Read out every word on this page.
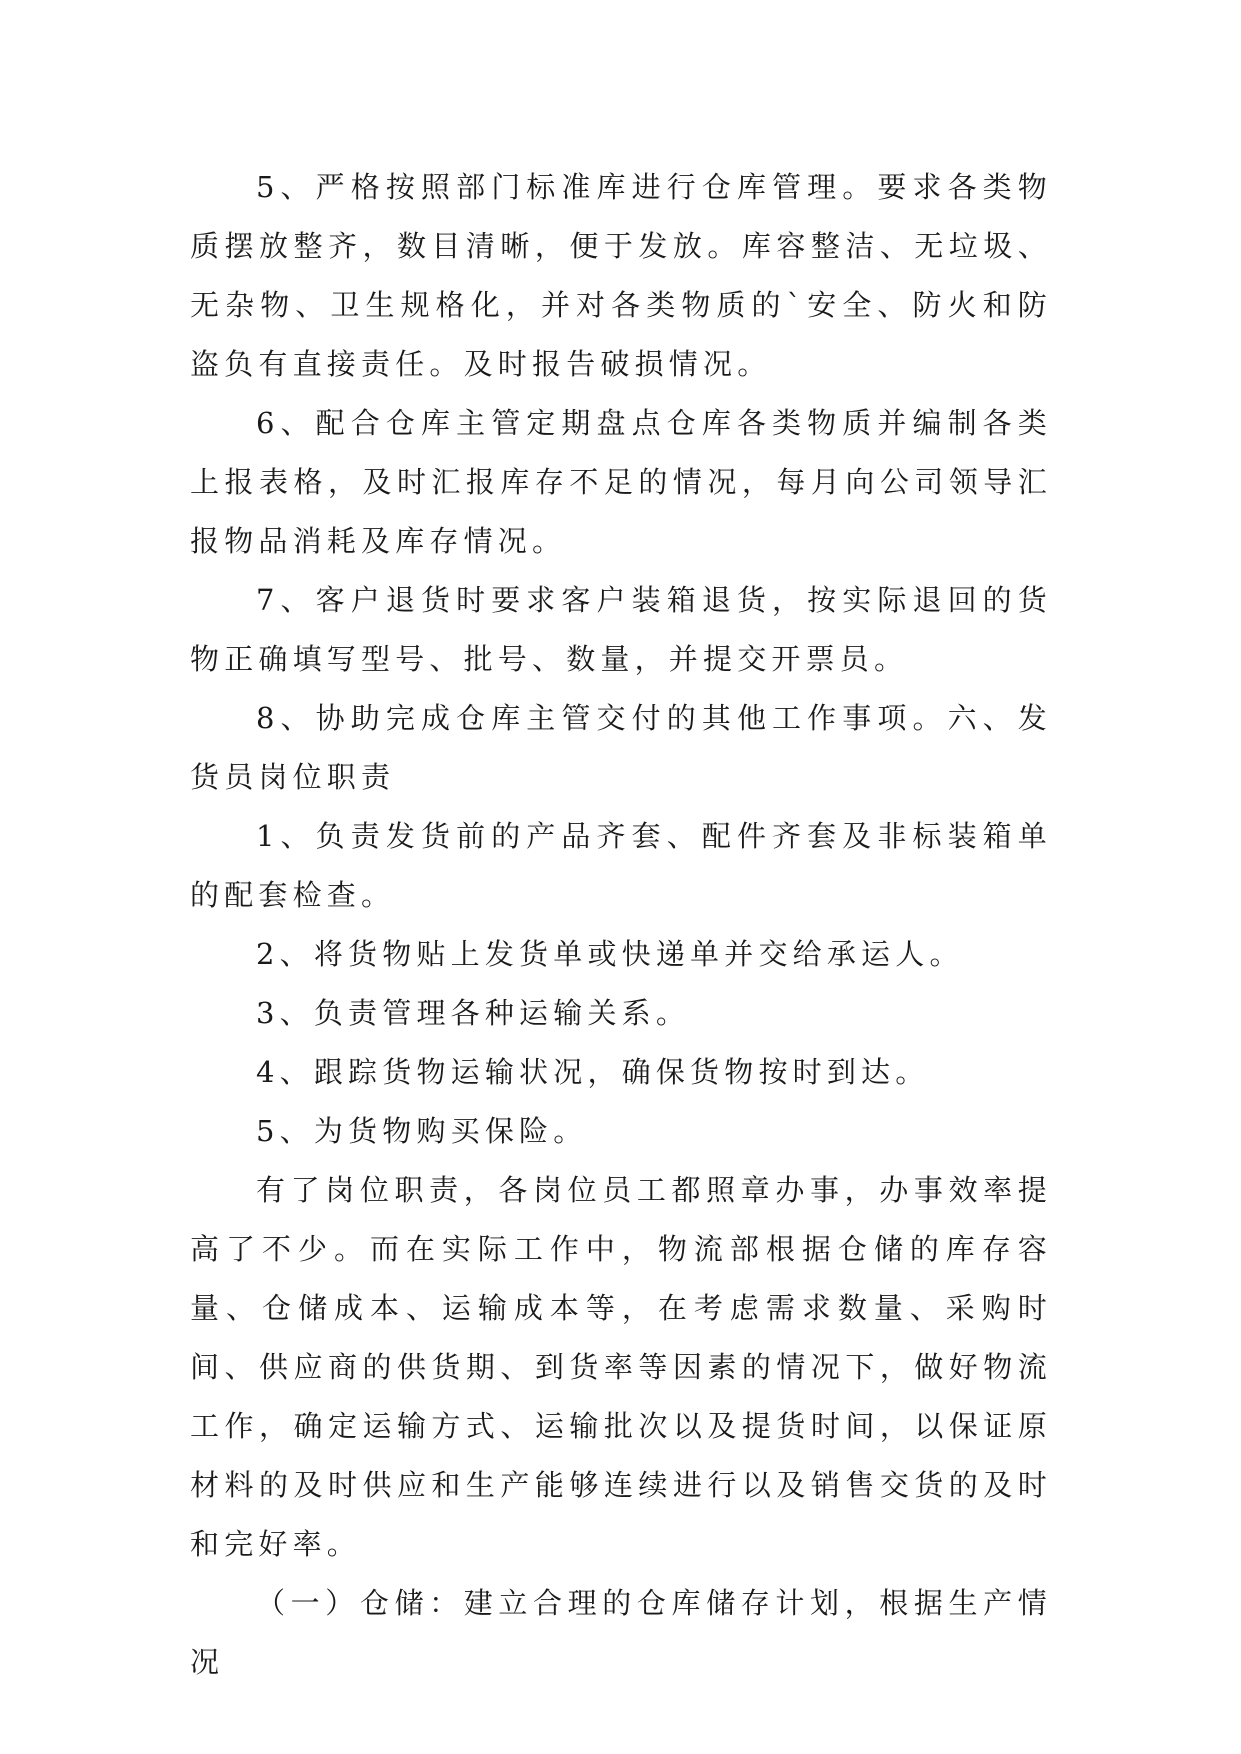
5、严格按照部门标准库进行仓库管理。要求各类物质摆放整齐，数目清晰，便于发放。库容整洁、无垃圾、无杂物、卫生规格化，并对各类物质的`安全、防火和防盗负有直接责任。及时报告破损情况。

6、配合仓库主管定期盘点仓库各类物质并编制各类上报表格，及时汇报库存不足的情况，每月向公司领导汇报物品消耗及库存情况。

7、客户退货时要求客户装箱退货，按实际退回的货物正确填写型号、批号、数量，并提交开票员。

8、协助完成仓库主管交付的其他工作事项。六、发货员岗位职责

1、负责发货前的产品齐套、配件齐套及非标装箱单的配套检查。

2、将货物贴上发货单或快递单并交给承运人。

3、负责管理各种运输关系。

4、跟踪货物运输状况，确保货物按时到达。

5、为货物购买保险。

有了岗位职责，各岗位员工都照章办事，办事效率提高了不少。而在实际工作中，物流部根据仓储的库存容量、仓储成本、运输成本等，在考虑需求数量、采购时间、供应商的供货期、到货率等因素的情况下，做好物流工作，确定运输方式、运输批次以及提货时间，以保证原材料的及时供应和生产能够连续进行以及销售交货的及时和完好率。

（一）仓储：建立合理的仓库储存计划，根据生产情况
